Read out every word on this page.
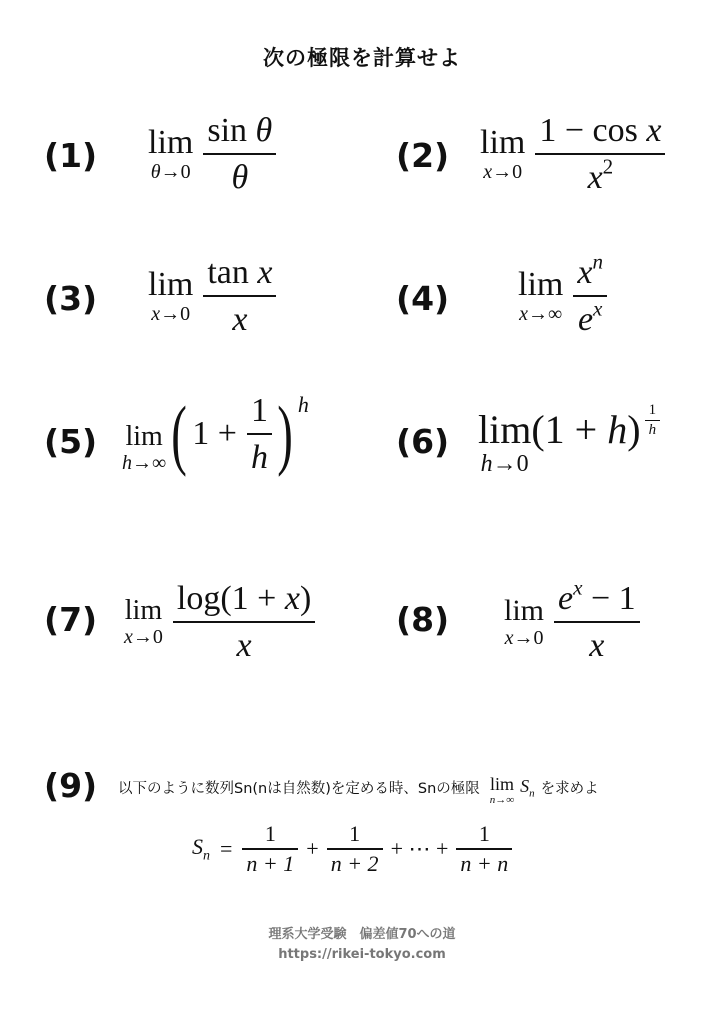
次の極限を計算せよ
(1) lim
$\theta\to 0 \frac{\text{sin θ}}{\theta}$	(2) lim
$x\to 0 \frac{\text{1 − cos x}}{x^2}$
(3) lim
$x\to 0 \frac{\text{tan x}}{x}$	(4) lim
$x\to\infty \frac{x^n}{e^x}$
(5) lim
h→∞ ( $1 + \frac{1}{h}$ ) h
(6) lim
h→0
$(1 + h) \frac{1}{h}$
(7) lim
$x\to 0 \frac{\log(1 + x)}{x} (8)$ lim
$x\to 0 \frac{e^x - 1}{x}$
(9) 以下のように数列Sn(nは自然数)を定める時、Snの極限 lim
n→∞
$S_n$ を求めよ
$S_n = \frac{1}{n + 1} + \frac{1}{n + 2}$ + ⋯ + $\frac{1}{n + n}$
理系大学受験　偏差値70への道
https://rikei-tokyo.com
